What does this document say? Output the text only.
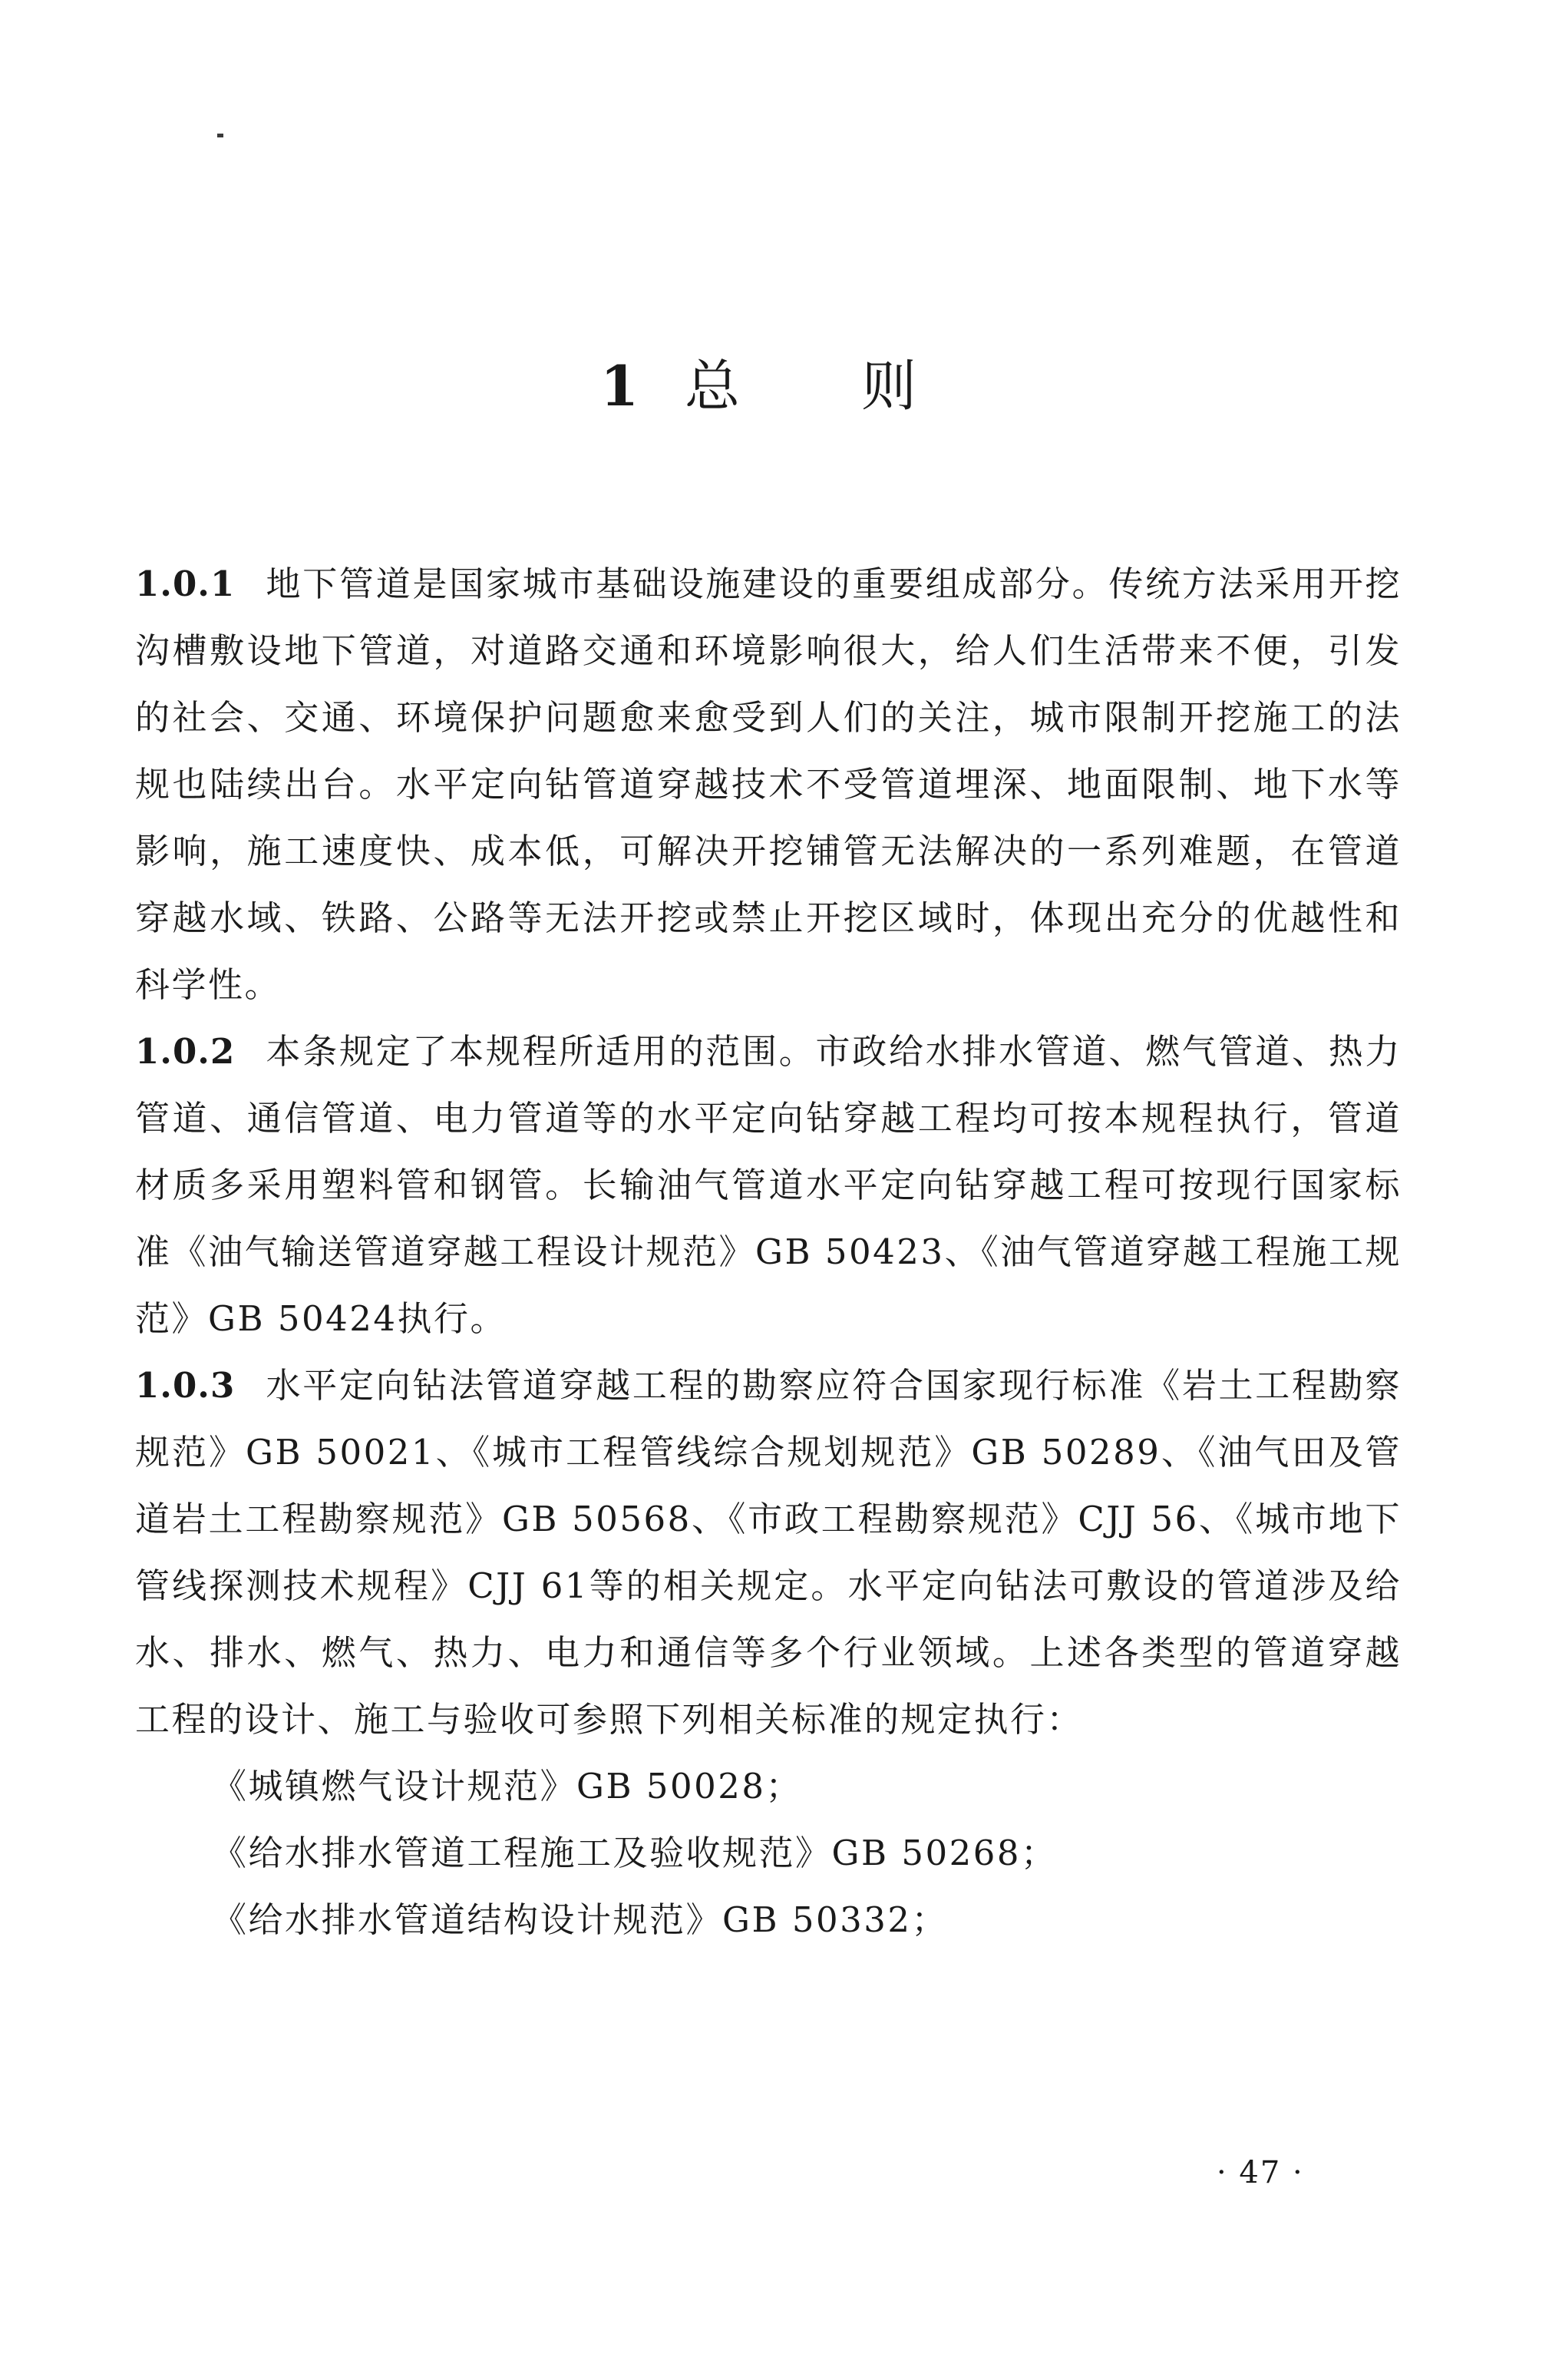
1 总 则

1.0.1 地下管道是国家城市基础设施建设的重要组成部分。传统方法采用开挖沟槽敷设地下管道，对道路交通和环境影响很大，给人们生活带来不便，引发的社会、交通、环境保护问题愈来愈受到人们的关注，城市限制开挖施工的法规也陆续出台。水平定向钻管道穿越技术不受管道埋深、地面限制、地下水等影响，施工速度快、成本低，可解决开挖铺管无法解决的一系列难题，在管道穿越水域、铁路、公路等无法开挖或禁止开挖区域时，体现出充分的优越性和科学性。

1.0.2 本条规定了本规程所适用的范围。市政给水排水管道、燃气管道、热力管道、通信管道、电力管道等的水平定向钻穿越工程均可按本规程执行，管道材质多采用塑料管和钢管。长输油气管道水平定向钻穿越工程可按现行国家标准《油气输送管道穿越工程设计规范》GB 50423、《油气管道穿越工程施工规范》GB 50424执行。

1.0.3 水平定向钻法管道穿越工程的勘察应符合国家现行标准《岩土工程勘察规范》GB 50021、《城市工程管线综合规划规范》GB 50289、《油气田及管道岩土工程勘察规范》GB 50568、《市政工程勘察规范》CJJ 56、《城市地下管线探测技术规程》CJJ 61等的相关规定。水平定向钻法可敷设的管道涉及给水、排水、燃气、热力、电力和通信等多个行业领域。上述各类型的管道穿越工程的设计、施工与验收可参照下列相关标准的规定执行：

《城镇燃气设计规范》GB 50028；
《给水排水管道工程施工及验收规范》GB 50268；
《给水排水管道结构设计规范》GB 50332；
· 47 ·
